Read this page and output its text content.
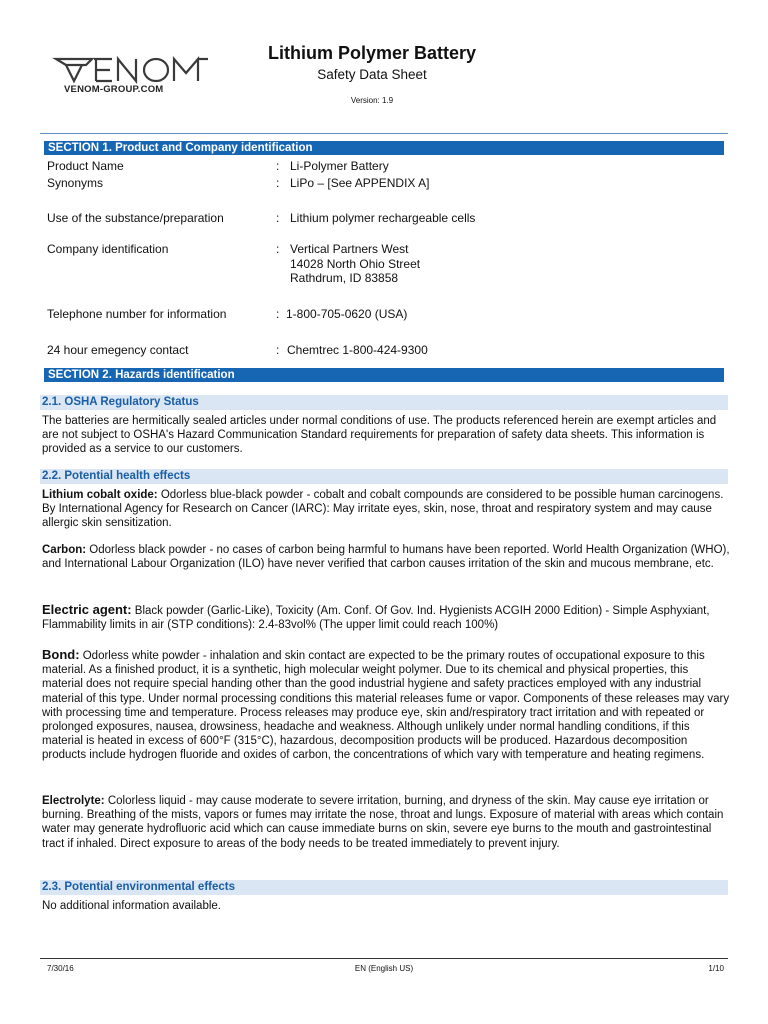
VENOM-GROUP.COM
Lithium Polymer Battery
Safety Data Sheet
Version: 1.9
SECTION 1. Product and Company identification
Product Name	: Li-Polymer Battery
Synonyms	: LiPo – [See APPENDIX A]
Use of the substance/preparation	: Lithium polymer rechargeable cells
Company identification	: Vertical Partners West
14028 North Ohio Street
Rathdrum, ID 83858
Telephone number for information	: 1-800-705-0620 (USA)
24 hour emegency contact	: Chemtrec 1-800-424-9300
SECTION 2. Hazards identification
2.1. OSHA Regulatory Status
The batteries are hermitically sealed articles under normal conditions of use. The products referenced herein are exempt articles and are not subject to OSHA's Hazard Communication Standard requirements for preparation of safety data sheets. This information is provided as a service to our customers.
2.2. Potential health effects
Lithium cobalt oxide: Odorless blue-black powder - cobalt and cobalt compounds are considered to be possible human carcinogens. By International Agency for Research on Cancer (IARC): May irritate eyes, skin, nose, throat and respiratory system and may cause allergic skin sensitization.
Carbon: Odorless black powder - no cases of carbon being harmful to humans have been reported. World Health Organization (WHO), and International Labour Organization (ILO) have never verified that carbon causes irritation of the skin and mucous membrane, etc.
Electric agent: Black powder (Garlic-Like), Toxicity (Am. Conf. Of Gov. Ind. Hygienists ACGIH 2000 Edition) - Simple Asphyxiant, Flammability limits in air (STP conditions): 2.4-83vol% (The upper limit could reach 100%)
Bond: Odorless white powder - inhalation and skin contact are expected to be the primary routes of occupational exposure to this material. As a finished product, it is a synthetic, high molecular weight polymer. Due to its chemical and physical properties, this material does not require special handing other than the good industrial hygiene and safety practices employed with any industrial material of this type. Under normal processing conditions this material releases fume or vapor. Components of these releases may vary with processing time and temperature. Process releases may produce eye, skin and/respiratory tract irritation and with repeated or prolonged exposures, nausea, drowsiness, headache and weakness. Although unlikely under normal handling conditions, if this material is heated in excess of 600°F (315°C), hazardous, decomposition products will be produced. Hazardous decomposition products include hydrogen fluoride and oxides of carbon, the concentrations of which vary with temperature and heating regimens.
Electrolyte: Colorless liquid - may cause moderate to severe irritation, burning, and dryness of the skin. May cause eye irritation or burning. Breathing of the mists, vapors or fumes may irritate the nose, throat and lungs. Exposure of material with areas which contain water may generate hydrofluoric acid which can cause immediate burns on skin, severe eye burns to the mouth and gastrointestinal tract if inhaled. Direct exposure to areas of the body needs to be treated immediately to prevent injury.
2.3. Potential environmental effects
No additional information available.
7/30/16	EN (English US)	1/10
